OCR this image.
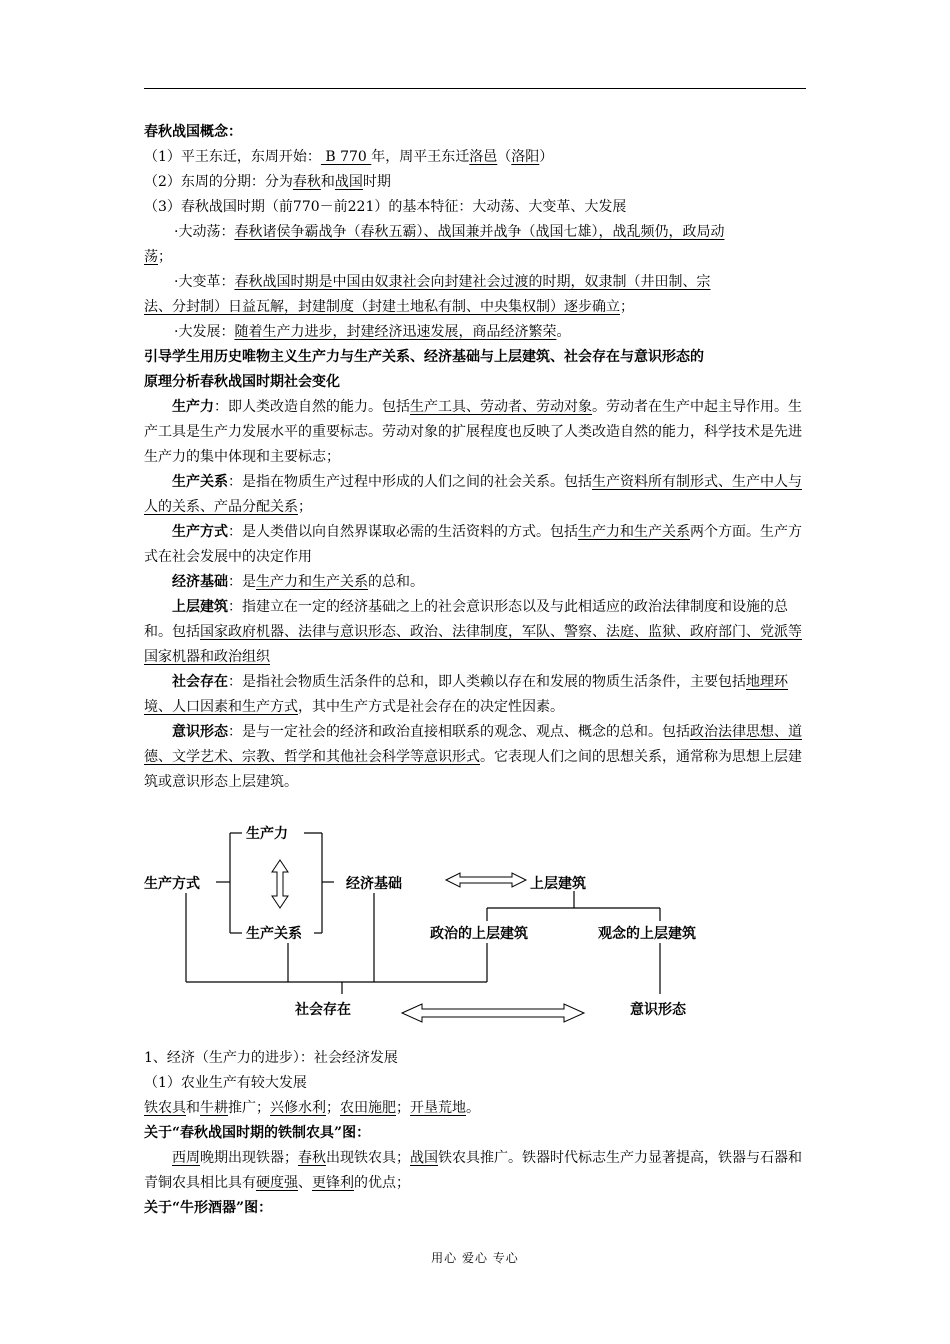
春秋战国概念：

（1）平王东迁，东周开始： B 770 年，周平王东迁洛邑（洛阳）

（2）东周的分期：分为春秋和战国时期

（3）春秋战国时期（前770－前221）的基本特征：大动荡、大变革、大发展

·大动荡：春秋诸侯争霸战争（春秋五霸）、战国兼并战争（战国七雄），战乱频仍，政局动
荡；

·大变革：春秋战国时期是中国由奴隶社会向封建社会过渡的时期，奴隶制（井田制、宗
法、分封制）日益瓦解，封建制度（封建土地私有制、中央集权制）逐步确立；

·大发展：随着生产力进步，封建经济迅速发展，商品经济繁荣。

引导学生用历史唯物主义生产力与生产关系、经济基础与上层建筑、社会存在与意识形态的
原理分析春秋战国时期社会变化

生产力：即人类改造自然的能力。包括生产工具、劳动者、劳动对象。劳动者在生产中起主导作用。生产工具是生产力发展水平的重要标志。劳动对象的扩展程度也反映了人类改造自然的能力，科学技术是先进生产力的集中体现和主要标志；

生产关系：是指在物质生产过程中形成的人们之间的社会关系。包括生产资料所有制形式、生产中人与人的关系、产品分配关系；

生产方式：是人类借以向自然界谋取必需的生活资料的方式。包括生产力和生产关系两个方面。生产方式在社会发展中的决定作用

经济基础：是生产力和生产关系的总和。

上层建筑：指建立在一定的经济基础之上的社会意识形态以及与此相适应的政治法律制度和设施的总和。包括国家政府机器、法律与意识形态、政治、法律制度，军队、警察、法庭、监狱、政府部门、党派等国家机器和政治组织

社会存在：是指社会物质生活条件的总和，即人类赖以存在和发展的物质生活条件，主要包括地理环境、人口因素和生产方式，其中生产方式是社会存在的决定性因素。

意识形态：是与一定社会的经济和政治直接相联系的观念、观点、概念的总和。包括政治法律思想、道德、文学艺术、宗教、哲学和其他社会科学等意识形式。它表现人们之间的思想关系，通常称为思想上层建筑或意识形态上层建筑。

生产力
生产方式
生产关系
经济基础	上层建筑
政治的上层建筑	观念的上层建筑
社会存在	意识形态

1、经济（生产力的进步）：社会经济发展

（1）农业生产有较大发展

铁农具和牛耕推广；兴修水利；农田施肥；开垦荒地。

关于“春秋战国时期的铁制农具”图：

西周晚期出现铁器；春秋出现铁农具；战国铁农具推广。铁器时代标志生产力显著提高，铁器与石器和青铜农具相比具有硬度强、更锋利的优点；

关于“牛形酒器”图：

用心 爱心 专心
